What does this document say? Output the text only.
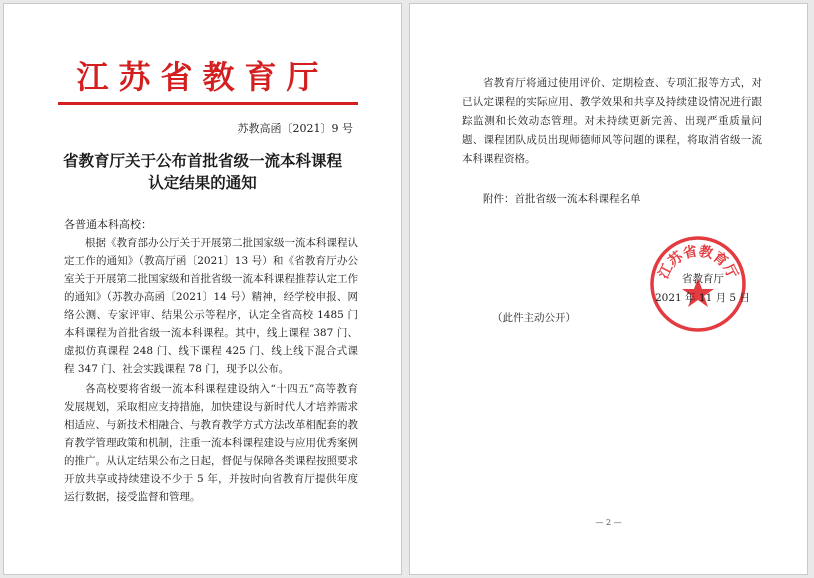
江苏省教育厅
苏教高函〔2021〕9 号
省教育厅关于公布首批省级一流本科课程
认定结果的通知
各普通本科高校：

根据《教育部办公厅关于开展第二批国家级一流本科课程认定工作的通知》（教高厅函〔2021〕13 号）和《省教育厅办公室关于开展第二批国家级和首批省级一流本科课程推荐认定工作的通知》（苏教办高函〔2021〕14 号）精神，经学校申报、网络公测、专家评审、结果公示等程序，认定全省高校 1485 门本科课程为首批省级一流本科课程。其中，线上课程 387 门、虚拟仿真课程 248 门、线下课程 425 门、线上线下混合式课程 347 门、社会实践课程 78 门，现予以公布。

各高校要将省级一流本科课程建设纳入“十四五”高等教育发展规划，采取相应支持措施，加快建设与新时代人才培养需求相适应、与新技术相融合、与教育教学方式方法改革相配套的教育教学管理政策和机制，注重一流本科课程建设与应用优秀案例的推广。从认定结果公布之日起，督促与保障各类课程按照要求开放共享或持续建设不少于 5 年，并按时向省教育厅提供年度运行数据，接受监督和管理。

省教育厅将通过使用评价、定期检查、专项汇报等方式，对已认定课程的实际应用、教学效果和共享及持续建设情况进行跟踪监测和长效动态管理。对未持续更新完善、出现严重质量问题、课程团队成员出现师德师风等问题的课程，将取消省级一流本科课程资格。

附件：首批省级一流本科课程名单
江苏省教育厅
省教育厅
2021 年 11 月 5 日
（此件主动公开）
— 2 —
